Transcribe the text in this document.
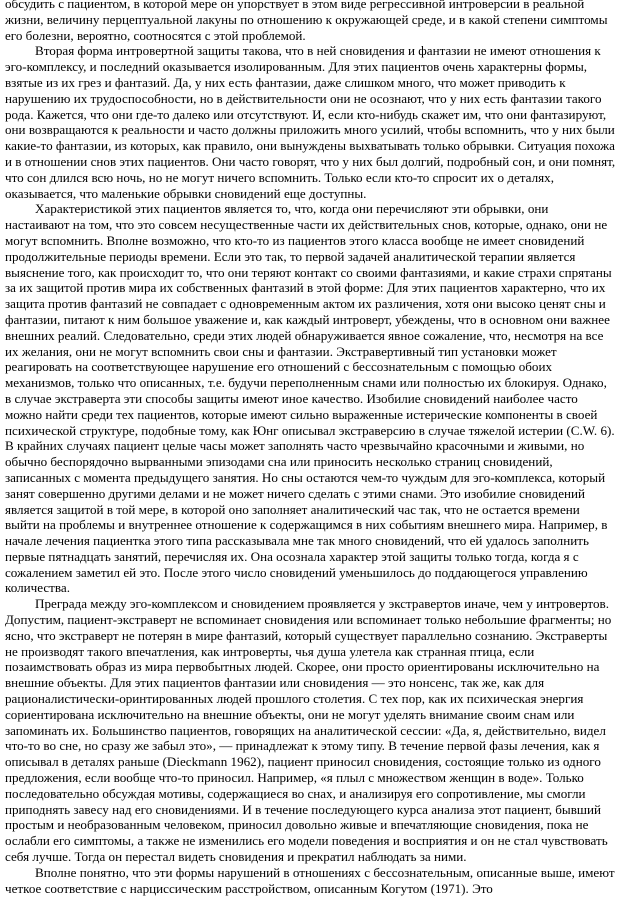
обсудить с пациентом, в которой мере он упорствует в этом виде регрессивной интроверсии в реальной жизни, величину перцептуальной лакуны по отношению к окружающей среде, и в какой степени симптомы его болезни, вероятно, соотносятся с этой проблемой.

Вторая форма интровертной защиты такова, что в ней сновидения и фантазии не имеют отношения к эго-комплексу, и последний оказывается изолированным. Для этих пациентов очень характерны формы, взятые из их грез и фантазий. Да, у них есть фантазии, даже слишком много, что может приводить к нарушению их трудоспособности, но в действительности они не осознают, что у них есть фантазии такого рода. Кажется, что они где-то далеко или отсутствуют. И, если кто-нибудь скажет им, что они фантазируют, они возвращаются к реальности и часто должны приложить много усилий, чтобы вспомнить, что у них были какие-то фантазии, из которых, как правило, они вынуждены выхватывать только обрывки. Ситуация похожа и в отношении снов этих пациентов. Они часто говорят, что у них был долгий, подробный сон, и они помнят, что сон длился всю ночь, но не могут ничего вспомнить. Только если кто-то спросит их о деталях, оказывается, что маленькие обрывки сновидений еще доступны.

Характеристикой этих пациентов является то, что, когда они перечисляют эти обрывки, они настаивают на том, что это совсем несущественные части их действительных снов, которые, однако, они не могут вспомнить. Вполне возможно, что кто-то из пациентов этого класса вообще не имеет сновидений продолжительные периоды времени. Если это так, то первой задачей аналитической терапии является выяснение того, как происходит то, что они теряют контакт со своими фантазиями, и какие страхи спрятаны за их защитой против мира их собственных фантазий в этой форме: Для этих пациентов характерно, что их защита против фантазий не совпадает с одновременным актом их различения, хотя они высоко ценят сны и фантазии, питают к ним большое уважение и, как каждый интроверт, убеждены, что в основном они важнее внешних реалий. Следовательно, среди этих людей обнаруживается явное сожаление, что, несмотря на все их желания, они не могут вспомнить свои сны и фантазии. Экстравертивный тип установки может реагировать на соответствующее нарушение его отношений с бессознательным с помощью обоих механизмов, только что описанных, т.е. будучи переполненным снами или полностью их блокируя. Однако, в случае экстраверта эти способы защиты имеют иное качество. Изобилие сновидений наиболее часто можно найти среди тех пациентов, которые имеют сильно выраженные истерические компоненты в своей психической структуре, подобные тому, как Юнг описывал экстраверсию в случае тяжелой истерии (C.W. 6). В крайних случаях пациент целые часы может заполнять часто чрезвычайно красочными и живыми, но обычно беспорядочно вырванными эпизодами сна или приносить несколько страниц сновидений, записанных с момента предыдущего занятия. Но сны остаются чем-то чуждым для эго-комплекса, который занят совершенно другими делами и не может ничего сделать с этими снами. Это изобилие сновидений является защитой в той мере, в которой оно заполняет аналитический час так, что не остается времени выйти на проблемы и внутреннее отношение к содержащимся в них событиям внешнего мира. Например, в начале лечения пациентка этого типа рассказывала мне так много сновидений, что ей удалось заполнить первые пятнадцать занятий, перечисляя их. Она осознала характер этой защиты только тогда, когда я с сожалением заметил ей это. После этого число сновидений уменьшилось до поддающегося управлению количества.

Преграда между эго-комплексом и сновидением проявляется у экстравертов иначе, чем у интровертов. Допустим, пациент-экстраверт не вспоминает сновидения или вспоминает только небольшие фрагменты; но ясно, что экстраверт не потерян в мире фантазий, который существует параллельно сознанию. Экстраверты не производят такого впечатления, как интроверты, чья душа улетела как странная птица, если позаимствовать образ из мира первобытных людей. Скорее, они просто ориентированы исключительно на внешние объекты. Для этих пациентов фантазии или сновидения — это нонсенс, так же, как для рационалистически-оринтированных людей прошлого столетия. С тех пор, как их психическая энергия сориентирована исключительно на внешние объекты, они не могут уделять внимание своим снам или запоминать их. Большинство пациентов, говорящих на аналитической сессии: «Да, я, действительно, видел что-то во сне, но сразу же забыл это», — принадлежат к этому типу. В течение первой фазы лечения, как я описывал в деталях раньше (Dieckmann 1962), пациент приносил сновидения, состоящие только из одного предложения, если вообще что-то приносил. Например, «я плыл с множеством женщин в воде». Только последовательно обсуждая мотивы, содержащиеся во снах, и анализируя его сопротивление, мы смогли приподнять завесу над его сновидениями. И в течение последующего курса анализа этот пациент, бывший простым и необразованным человеком, приносил довольно живые и впечатляющие сновидения, пока не ослабли его симптомы, а также не изменились его модели поведения и восприятия и он не стал чувствовать себя лучше. Тогда он перестал видеть сновидения и прекратил наблюдать за ними.

Вполне понятно, что эти формы нарушений в отношениях с бессознательным, описанные выше, имеют четкое соответствие с нарциссическим расстройством, описанным Когутом (1971). Это
